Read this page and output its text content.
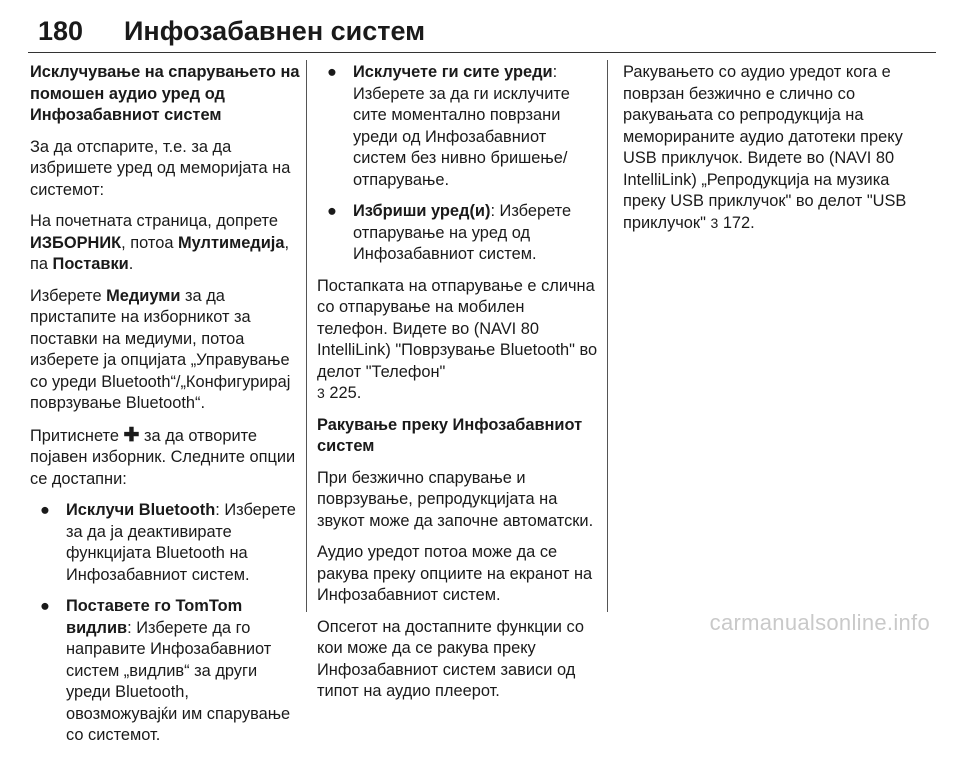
180 Инфозабавнен систем

Исклучување на спарувањето на помошен аудио уред од Инфозабавниот систем

За да отспарите, т.е. за да избришете уред од меморијата на системот:

На почетната страница, допрете ИЗБОРНИК, потоа Мултимедија, па Поставки.

Изберете Медиуми за да пристапите на изборникот за поставки на медиуми, потоа изберете ја опцијата „Управување со уреди Bluetooth“/„Конфигурирај поврзување Bluetooth“.

Притиснете ✚ за да отворите појавен изборник. Следните опции се достапни:

● Исклучи Bluetooth: Изберете за да ја деактивирате функцијата Bluetooth на Инфозабавниот систем.
● Поставете го TomTom видлив: Изберете да го направите Инфозабавниот систем „видлив“ за други уреди Bluetooth, овозможувајќи им спарување со системот.
● Исклучете ги сите уреди: Изберете за да ги исклучите сите моментално поврзани уреди од Инфозабавниот систем без нивно бришење/отпарување.
● Избриши уред(и): Изберете отпарување на уред од Инфозабавниот систем.

Постапката на отпарување е слична со отпарување на мобилен телефон. Видете во (NAVI 80 IntelliLink) "Поврзување Bluetooth" во делот "Телефон"
3 225.

Ракување преку Инфозабавниот систем

При безжично спарување и поврзување, репродукцијата на звукот може да започне автоматски.

Аудио уредот потоа може да се ракува преку опциите на екранот на Инфозабавниот систем.

Опсегот на достапните функции со кои може да се ракува преку Инфозабавниот систем зависи од типот на аудио плеерот.

Ракувањето со аудио уредот кога е поврзан безжично е слично со ракувањата со репродукција на меморираните аудио датотеки преку USB приклучок. Видете во (NAVI 80 IntelliLink) „Репродукција на музика преку USB приклучок" во делот "USB приклучок" 3 172.

carmanualsonline.info
